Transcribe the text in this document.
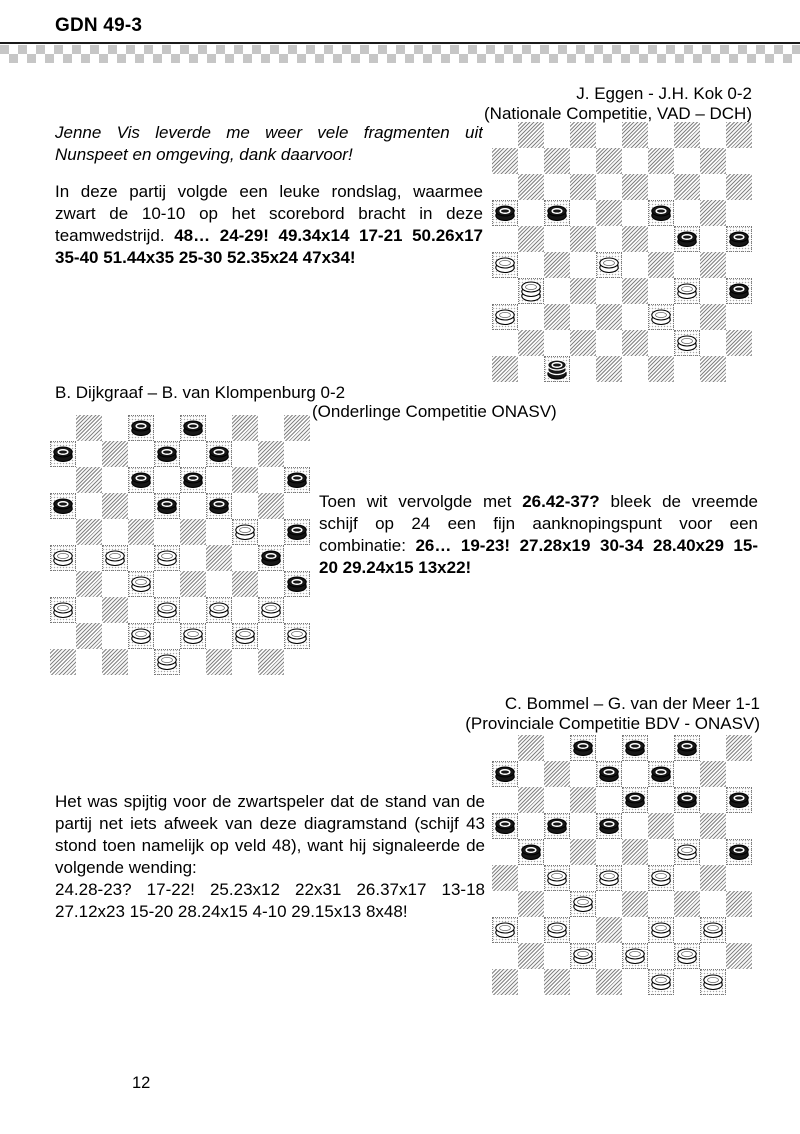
GDN 49-3
J. Eggen - J.H. Kok 0-2
(Nationale Competitie, VAD – DCH)
Jenne Vis leverde me weer vele fragmenten uit
Nunspeet en omgeving, dank daarvoor!
In deze partij volgde een leuke rondslag, waarmee
zwart de 10-10 op het scorebord bracht in deze
teamwedstrijd. 48… 24-29! 49.34x14 17-21 50.26x17
35-40 51.44x35 25-30 52.35x24 47x34!
B. Dijkgraaf – B. van Klompenburg 0-2
(Onderlinge Competitie ONASV)
Toen wit vervolgde met 26.42-37? bleek de vreemde
schijf op 24 een fijn aanknopingspunt voor een
combinatie: 26… 19-23! 27.28x19 30-34 28.40x29 15-
20 29.24x15 13x22!
C. Bommel – G. van der Meer 1-1
(Provinciale Competitie BDV - ONASV)
Het was spijtig voor de zwartspeler dat de stand van de
partij net iets afweek van deze diagramstand (schijf 43
stond toen namelijk op veld 48), want hij signaleerde de
volgende wending:
24.28-23? 17-22! 25.23x12 22x31 26.37x17 13-18
27.12x23 15-20 28.24x15 4-10 29.15x13 8x48!
12
